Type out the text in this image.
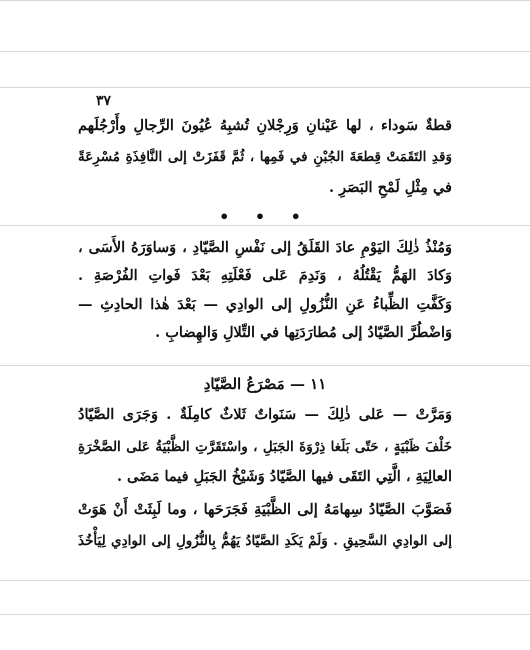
٣٧
قطةٌ سَوداء ، لها عَيْنانِ وَرِجْلانِ تُشبِهُ عُيُونَ الرِّجالِ وأَرْجُلَهم
وَقدِ التَقَمَتْ قِطعَةَ الجُبْنِ في فَمِها ، ثُمَّ قَفَزَتْ إلى النَّافِذَةِ مُسْرِعَةً
في مِثْلِ لَمْحِ البَصَرِ .
• • •
وَمُنْذُ ذٰلِكَ اليَوْمِ عادَ القَلَقُ إلى نَفْسِ الصَّيّادِ ، وَساوَرَهُ الأَسَى ،
وَكادَ الهَمُّ يَقْتُلُهُ ، وَنَدِمَ عَلى فَعْلَتِهِ بَعْدَ فَواتِ الفُرْصَةِ .
وَكَفَّتِ الظِّباءُ عَنِ النُّزُولِ إلى الوادِي — بَعْدَ هٰذا الحادِثِ —
وَاضْطُرَّ الصَّيّادُ إلى مُطارَدَتِها في التِّلالِ وَالهِضابِ .
١١ — مَصْرَعُ الصَّيّادِ
وَمَرَّتْ — عَلى ذٰلِكَ — سَنَواتٌ ثَلاثٌ كامِلَةٌ . وَجَرَى الصَّيّادُ
خَلْفَ ظَبْيَةٍ ، حَتّى بَلَغا ذِرْوَةَ الجَبَلِ ، واسْتَقَرَّتِ الظَّبْيَةُ عَلى الصَّخْرَةِ
العالِيَةِ ، الَّتِي التَقَى فيها الصَّيّادُ وَشَيْخُ الجَبَلِ فيما مَضَى .
فَصَوَّبَ الصَّيّادُ سِهامَهُ إلى الظَّبْيَةِ فَجَرَحَها ، وما لَبِثَتْ أَنْ هَوَتْ
إلى الوادِي السَّحِيقِ . وَلَمْ يَكَدِ الصَّيّادُ يَهُمُّ بِالنُّزُولِ إلى الوادِي لِيَأْخُذَ
